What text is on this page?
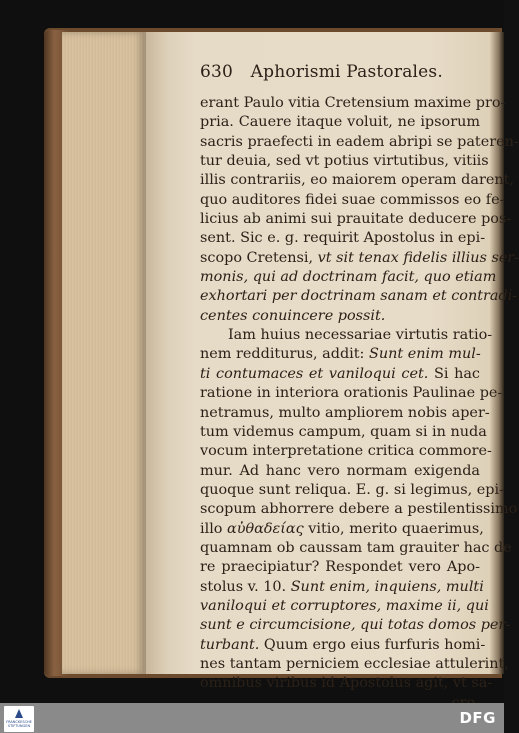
630 Aphorismi Pastorales.
erant Paulo vitia Cretensium maxime pro-
pria. Cauere itaque voluit, ne ipsorum
sacris praefecti in eadem abripi se pateren-
tur deuia, sed vt potius virtutibus, vitiis
illis contrariis, eo maiorem operam darent,
quo auditores fidei suae commissos eo fe-
licius ab animi sui prauitate deducere pos-
sent. Sic e. g. requirit Apostolus in epi-
scopo Cretensi, vt sit tenax fidelis illius ser-
monis, qui ad doctrinam facit, quo etiam
exhortari per doctrinam sanam et contradi-
centes conuincere possit.
Iam huius necessariae virtutis ratio-
nem redditurus, addit: Sunt enim mul-
ti contumaces et vaniloqui cet. Si hac
ratione in interiora orationis Paulinae pe-
netramus, multo ampliorem nobis aper-
tum videmus campum, quam si in nuda
vocum interpretatione critica commore-
mur. Ad hanc vero normam exigenda
quoque sunt reliqua. E. g. si legimus, epi-
scopum abhorrere debere a pestilentissimo
illo αὐθαδείας vitio, merito quaerimus,
quamnam ob caussam tam grauiter hac de
re praecipiatur? Respondet vero Apo-
stolus v. 10. Sunt enim, inquiens, multi
vaniloqui et corruptores, maxime ii, qui
sunt e circumcisione, qui totas domos per-
turbant. Quum ergo eius furfuris homi-
nes tantam perniciem ecclesiae attulerint,
omnibus viribus id Apostolus agit, vt sa-
FRANCKESCHE STIFTUNGEN	DFG
